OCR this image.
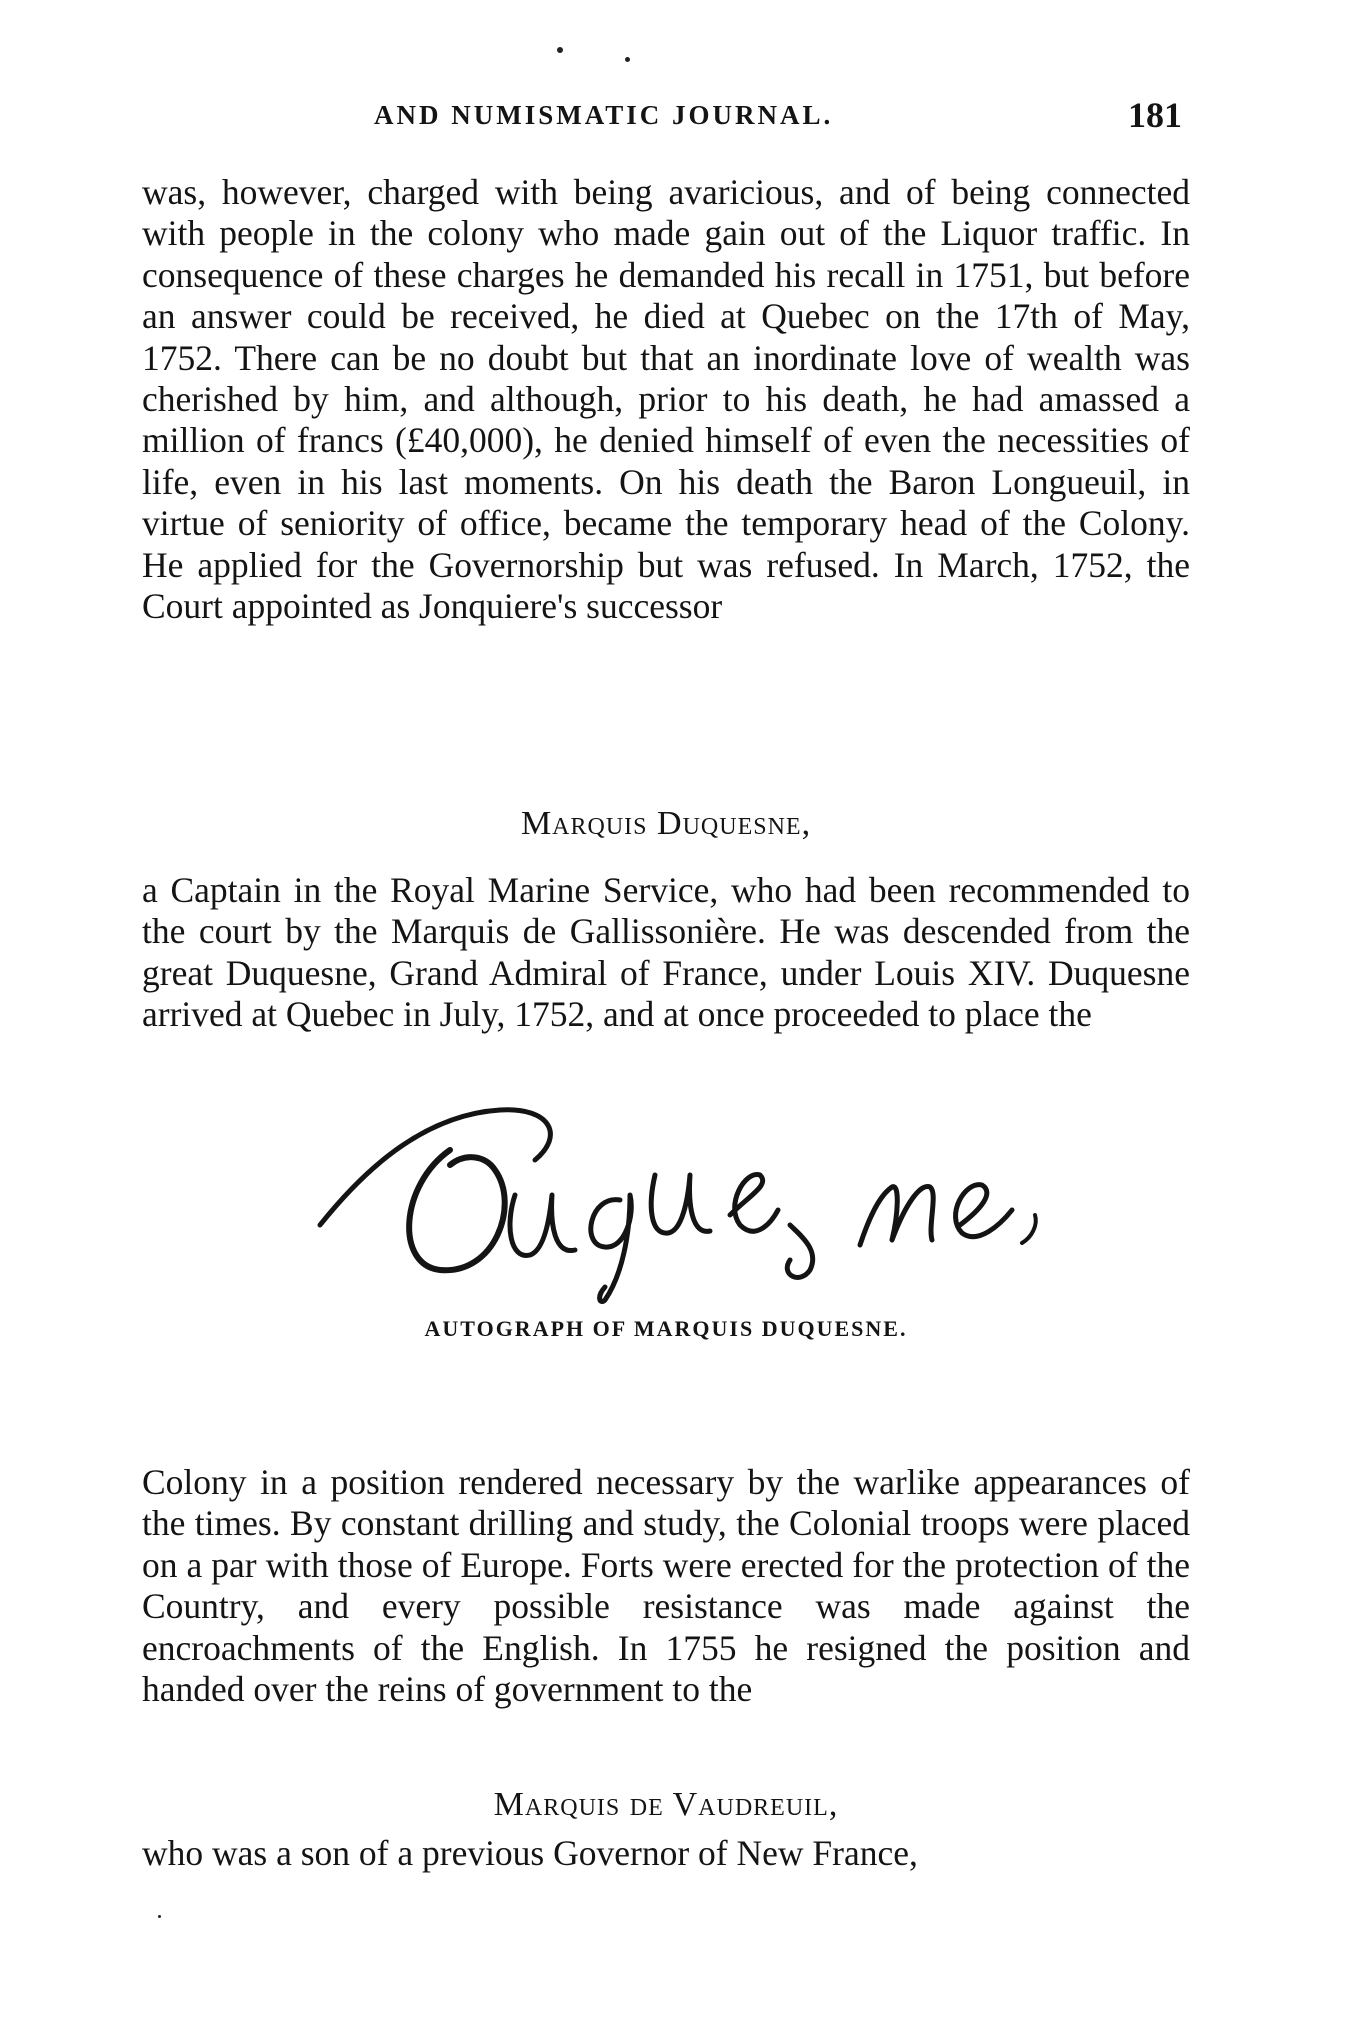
AND NUMISMATIC JOURNAL.	181

was, however, charged with being avaricious, and of being connected with people in the colony who made gain out of the Liquor traffic. In consequence of these charges he demanded his recall in 1751, but before an answer could be received, he died at Quebec on the 17th of May, 1752. There can be no doubt but that an inordinate love of wealth was cherished by him, and although, prior to his death, he had amassed a million of francs (£40,000), he denied himself of even the necessities of life, even in his last moments. On his death the Baron Longueuil, in virtue of seniority of office, became the temporary head of the Colony. He applied for the Governorship but was refused. In March, 1752, the Court appointed as Jonquiere's successor

Marquis Duquesne,

a Captain in the Royal Marine Service, who had been recommended to the court by the Marquis de Gallissonière. He was descended from the great Duquesne, Grand Admiral of France, under Louis XIV. Duquesne arrived at Quebec in July, 1752, and at once proceeded to place the

AUTOGRAPH OF MARQUIS DUQUESNE.

Colony in a position rendered necessary by the warlike appearances of the times. By constant drilling and study, the Colonial troops were placed on a par with those of Europe. Forts were erected for the protection of the Country, and every possible resistance was made against the encroachments of the English. In 1755 he resigned the position and handed over the reins of government to the

Marquis de Vaudreuil,

who was a son of a previous Governor of New France,
